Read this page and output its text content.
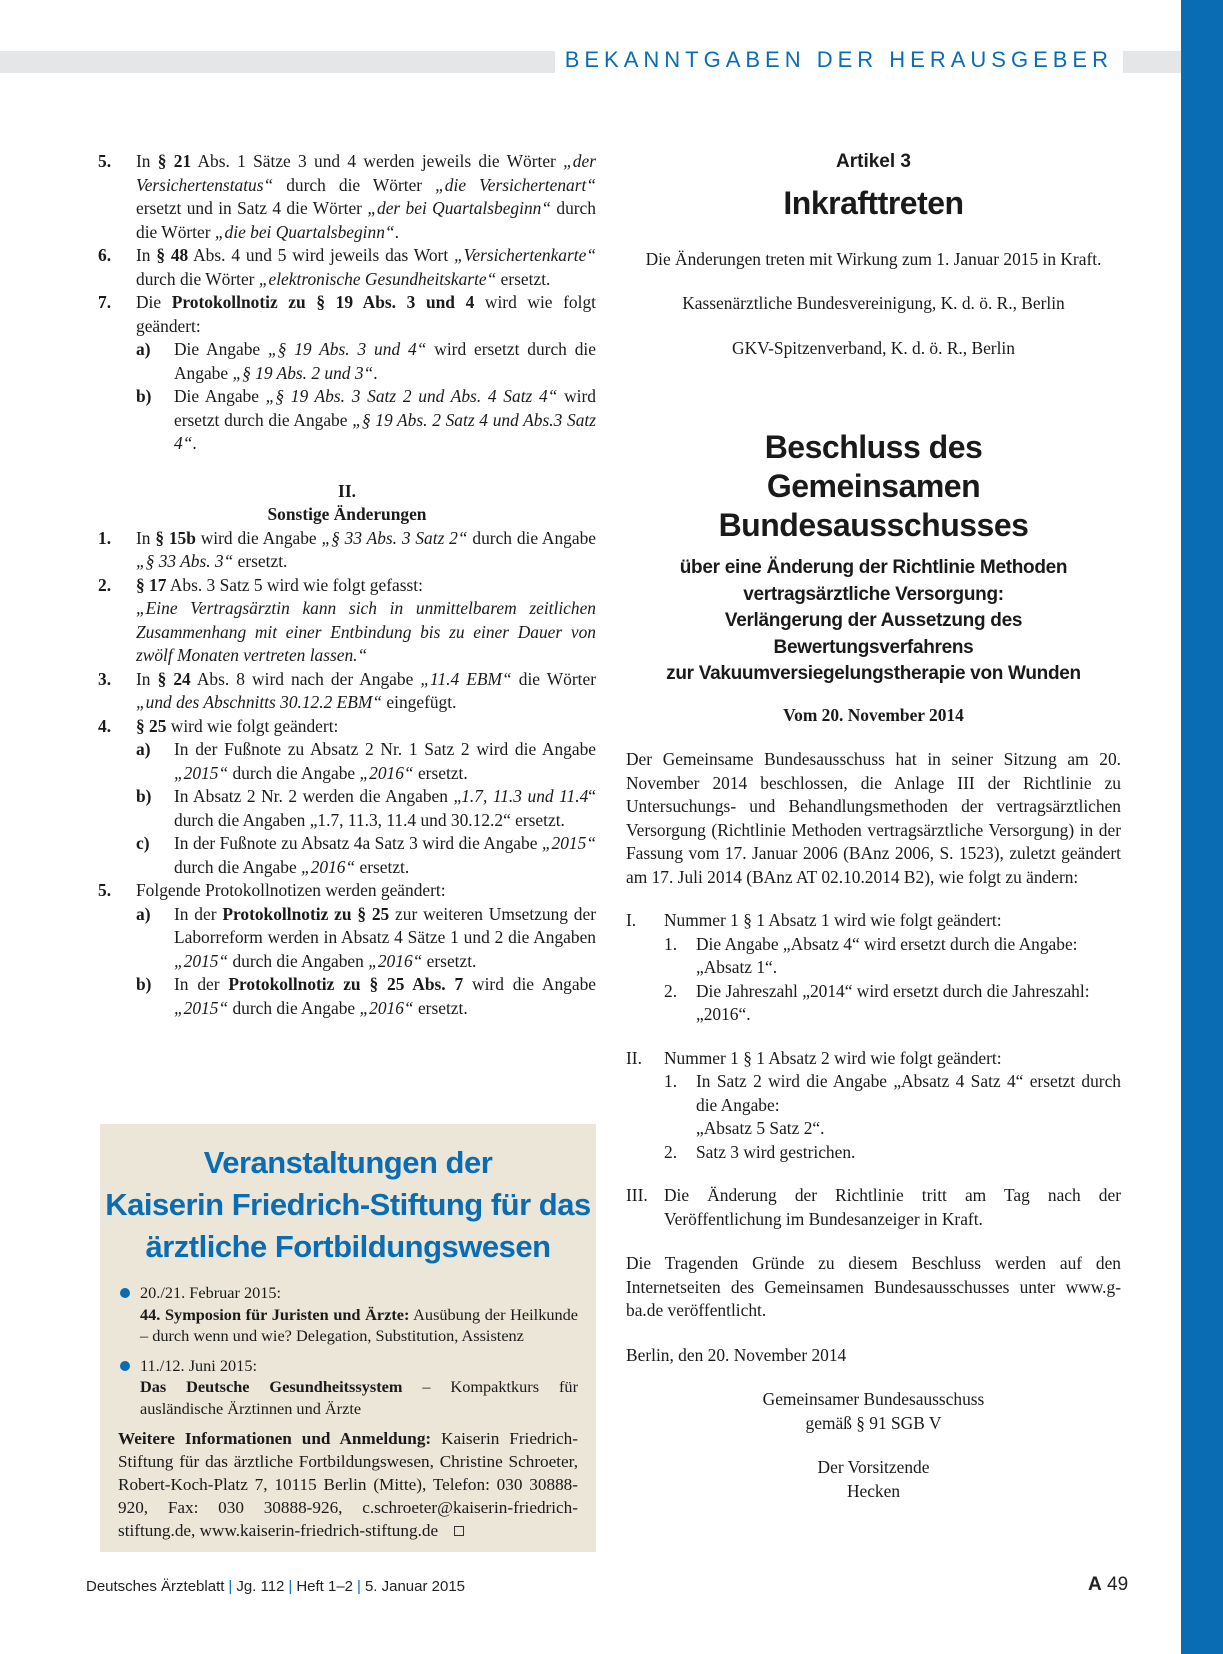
BEKANNTGABEN DER HERAUSGEBER
5.	In § 21 Abs. 1 Sätze 3 und 4 werden jeweils die Wörter „der Versichertenstatus“ durch die Wörter „die Versichertenart“ ersetzt und in Satz 4 die Wörter „der bei Quartalsbeginn“ durch die Wörter „die bei Quartalsbeginn“.
6.	In § 48 Abs. 4 und 5 wird jeweils das Wort „Versichertenkarte“ durch die Wörter „elektronische Gesundheitskarte“ ersetzt.
7.	Die Protokollnotiz zu § 19 Abs. 3 und 4 wird wie folgt geändert:
a)	Die Angabe „§ 19 Abs. 3 und 4“ wird ersetzt durch die Angabe „§ 19 Abs. 2 und 3“.
b)	Die Angabe „§ 19 Abs. 3 Satz 2 und Abs. 4 Satz 4“ wird ersetzt durch die Angabe „§ 19 Abs. 2 Satz 4 und Abs.3 Satz 4“.
II.
Sonstige Änderungen
1.	In § 15b wird die Angabe „§ 33 Abs. 3 Satz 2“ durch die Angabe „§ 33 Abs. 3“ ersetzt.
2.	§ 17 Abs. 3 Satz 5 wird wie folgt gefasst:
„Eine Vertragsärztin kann sich in unmittelbarem zeitlichen Zusammenhang mit einer Entbindung bis zu einer Dauer von zwölf Monaten vertreten lassen.“
3.	In § 24 Abs. 8 wird nach der Angabe „11.4 EBM“ die Wörter „und des Abschnitts 30.12.2 EBM“ eingefügt.
4.	§ 25 wird wie folgt geändert:
a)	In der Fußnote zu Absatz 2 Nr. 1 Satz 2 wird die Angabe „2015“ durch die Angabe „2016“ ersetzt.
b)	In Absatz 2 Nr. 2 werden die Angaben „1.7, 11.3 und 11.4“ durch die Angaben „1.7, 11.3, 11.4 und 30.12.2“ ersetzt.
c)	In der Fußnote zu Absatz 4a Satz 3 wird die Angabe „2015“ durch die Angabe „2016“ ersetzt.
5.	Folgende Protokollnotizen werden geändert:
a)	In der Protokollnotiz zu § 25 zur weiteren Umsetzung der Laborreform werden in Absatz 4 Sätze 1 und 2 die Angaben „2015“ durch die Angaben „2016“ ersetzt.
b)	In der Protokollnotiz zu § 25 Abs. 7 wird die Angabe „2015“ durch die Angabe „2016“ ersetzt.
Veranstaltungen der
Kaiserin Friedrich-Stiftung für das
ärztliche Fortbildungswesen
20./21. Februar 2015:
44. Symposion für Juristen und Ärzte: Ausübung der Heilkunde – durch wenn und wie? Delegation, Substitution, Assistenz
11./12. Juni 2015:
Das Deutsche Gesundheitssystem – Kompaktkurs für ausländische Ärztinnen und Ärzte
Weitere Informationen und Anmeldung: Kaiserin Friedrich-Stiftung für das ärztliche Fortbildungswesen, Christine Schroeter, Robert-Koch-Platz 7, 10115 Berlin (Mitte), Telefon: 030 30888-920, Fax: 030 30888-926, c.schroeter@kaiserin-friedrich-stiftung.de, www.kaiserin-friedrich-stiftung.de
Artikel 3
Inkrafttreten
Die Änderungen treten mit Wirkung zum 1. Januar 2015 in Kraft.
Kassenärztliche Bundesvereinigung, K. d. ö. R., Berlin
GKV-Spitzenverband, K. d. ö. R., Berlin
Beschluss des
Gemeinsamen Bundesausschusses
über eine Änderung der Richtlinie Methoden
vertragsärztliche Versorgung:
Verlängerung der Aussetzung des Bewertungsverfahrens
zur Vakuumversiegelungstherapie von Wunden
Vom 20. November 2014
Der Gemeinsame Bundesausschuss hat in seiner Sitzung am 20. November 2014 beschlossen, die Anlage III der Richtlinie zu Untersuchungs- und Behandlungsmethoden der vertragsärztlichen Versorgung (Richtlinie Methoden vertragsärztliche Versorgung) in der Fassung vom 17. Januar 2006 (BAnz 2006, S. 1523), zuletzt geändert am 17. Juli 2014 (BAnz AT 02.10.2014 B2), wie folgt zu ändern:
I.	Nummer 1 § 1 Absatz 1 wird wie folgt geändert:
1.	Die Angabe „Absatz 4“ wird ersetzt durch die Angabe:
„Absatz 1“.
2.	Die Jahreszahl „2014“ wird ersetzt durch die Jahreszahl:
„2016“.
II.	Nummer 1 § 1 Absatz 2 wird wie folgt geändert:
1.	In Satz 2 wird die Angabe „Absatz 4 Satz 4“ ersetzt durch die Angabe:
„Absatz 5 Satz 2“.
2.	Satz 3 wird gestrichen.
III. Die Änderung der Richtlinie tritt am Tag nach der Veröffentlichung im Bundesanzeiger in Kraft.
Die Tragenden Gründe zu diesem Beschluss werden auf den Internetseiten des Gemeinsamen Bundesausschusses unter www.g-ba.de veröffentlicht.
Berlin, den 20. November 2014
Gemeinsamer Bundesausschuss
gemäß § 91 SGB V
Der Vorsitzende
Hecken
Deutsches Ärzteblatt | Jg. 112 | Heft 1–2 | 5. Januar 2015	A 49
